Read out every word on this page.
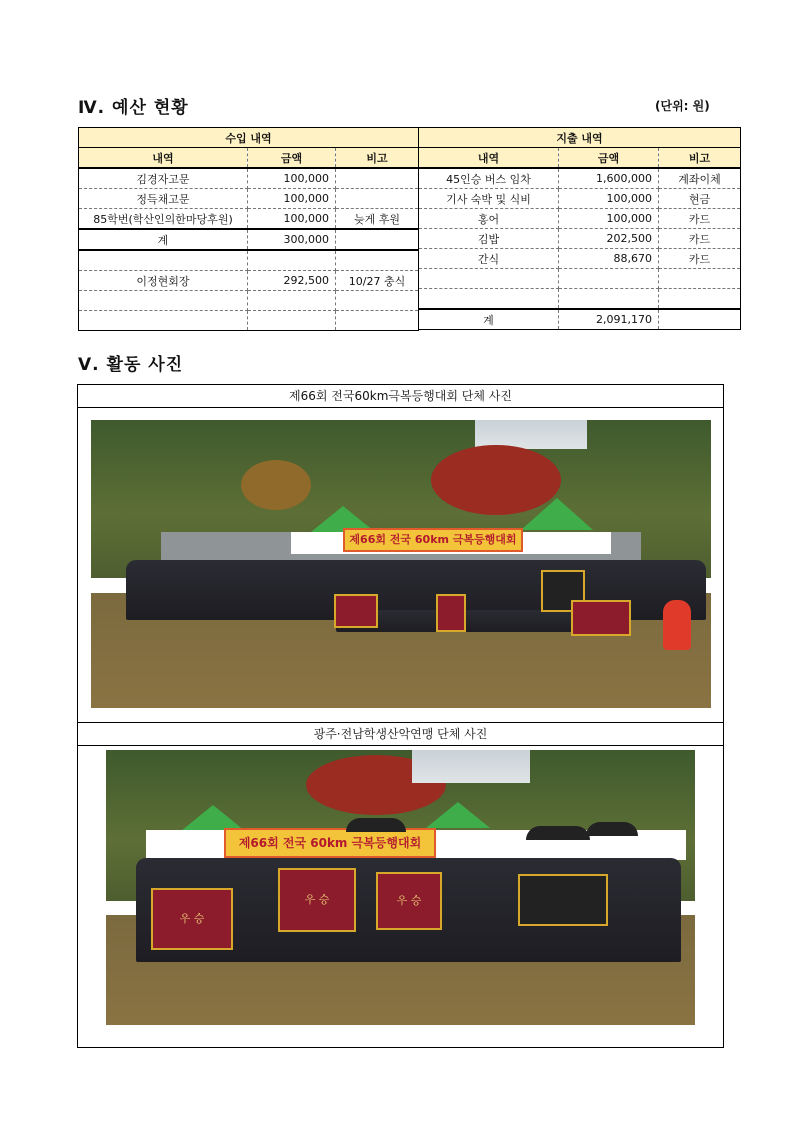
Ⅳ. 예산 현황	(단위: 원)
수입 내역		
내역	금액	비고
김경자고문	100,000	
정득채고문	100,000	
85학번(학산인의한마당후원)	100,000	늦게 후원
계	300,000	

이정현회장	292,500	10/27 충식

지출 내역		
내역	금액	비고
45인승 버스 임차	1,600,000	계좌이체
기사 숙박 및 식비	100,000	현금
홍어	100,000	카드
김밥	202,500	카드
간식	88,670	카드

계	2,091,170	
Ⅴ. 활동 사진
제66회 전국60km극복등행대회 단체 사진
제66회 전국 60km 극복등행대회
광주·전남학생산악연맹 단체 사진
제66회 전국 60km 극복등행대회
우 승
우 승	우 승
